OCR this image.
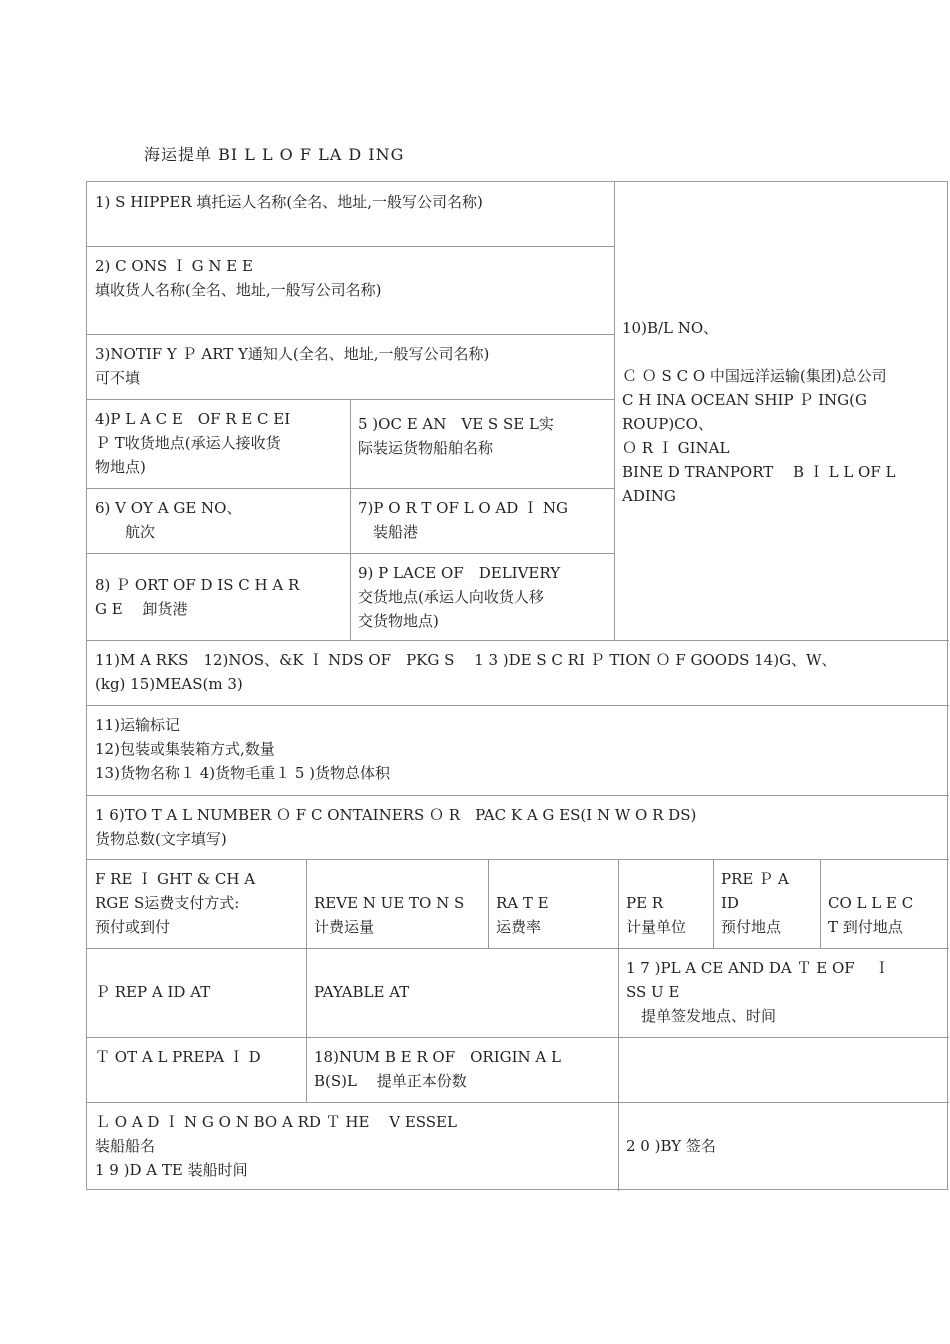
海运提单 BI L L O F LA D ING
1) S HIPPER 填托运人名称(全名、地址,一般写公司名称)
2) C ONS Ｉ G N E E
填收货人名称(全名、地址,一般写公司名称)
3)NOTIF Y Ｐ ART Y通知人(全名、地址,一般写公司名称)
可不填
4)P L A C E　OF R E C EI
Ｐ T收货地点(承运人接收货
物地点)
5 )OC E AN　VE S SE L实
际装运货物船舶名称
6) V OY A GE NO、
　　航次
7)P O R T OF L O AD Ｉ NG
　装船港
8) Ｐ ORT OF D IS C H A R
G E　 卸货港
9) P LACE OF　DELIVERY
交货地点(承运人向收货人移
交货物地点)
10)B/L NO、

Ｃ Ｏ S C O 中国远洋运输(集团)总公司
C H INA OCEAN SHIP Ｐ ING(G
ROUP)CO、
Ｏ R Ｉ GINAL
BINE D TRANPORT　 B Ｉ L L OF L
ADING
11)M A RKS　12)NOS、&K Ｉ NDS OF　PKG S　 1 3 )DE S C RI Ｐ TION Ｏ F GOODS 14)G、W、
(kg) 15)MEAS(m 3)
11)运输标记
12)包装或集装箱方式,数量
13)货物名称１ 4)货物毛重１ 5 )货物总体积
1 6)TO T A L NUMBER Ｏ F C ONTAINERS Ｏ R　PAC K A G ES(I N W O R DS)
货物总数(文字填写)
F RE Ｉ GHT & CH A
RGE S运费支付方式:
预付或到付

REVE N UE TO N S
计费运量

RA T E
运费率

PE R
计量单位
PRE Ｐ A
ID
预付地点

CO L L E C
T 到付地点

Ｐ REP A ID AT	
PAYABLE AT
1 7 )PL A CE AND DA Ｔ E OF　 Ｉ
SS U E
　提单签发地点、时间
Ｔ OT A L PREPA Ｉ D	18)NUM B E R OF　ORIGIN A L
B(S)L　 提单正本份数
Ｌ O A D Ｉ N G O N BO A RD Ｔ HE　 V ESSEL
装船船名
1 9 )D A TE 装船时间

2 0 )BY 签名
